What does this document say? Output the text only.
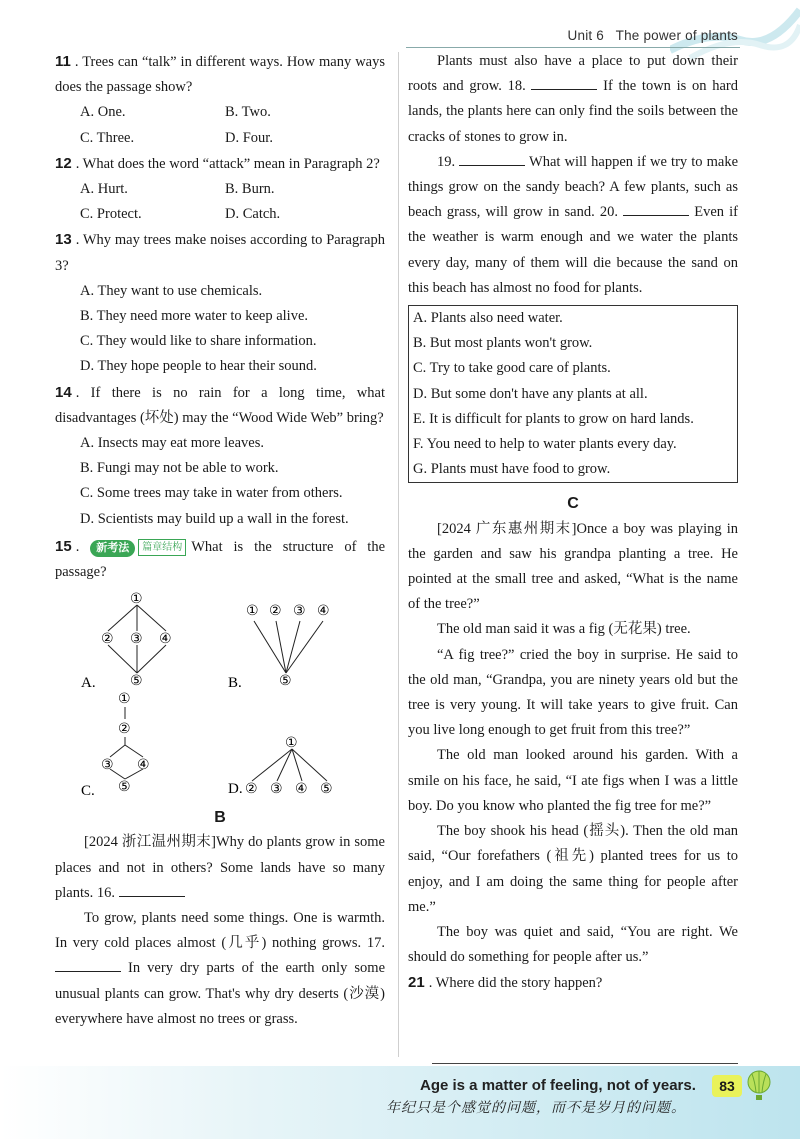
Unit 6 The power of plants

11 . Trees can “talk” in different ways. How many ways does the passage show?

A. One.	B. Two.
C. Three.	D. Four.

12 . What does the word “attack” mean in Paragraph 2?

A. Hurt.	B. Burn.
C. Protect.	D. Catch.

13 . Why may trees make noises according to Paragraph 3?

A. They want to use chemicals.

B. They need more water to keep alive.

C. They would like to share information.

D. They hope people to hear their sound.

14 . If there is no rain for a long time, what disadvantages (坏处) may the “Wood Wide Web” bring?

A. Insects may eat more leaves.

B. Fungi may not be able to work.

C. Some trees may take in water from others.

D. Scientists may build up a wall in the forest.

15 . 新考法 篇章结构 What is the structure of the passage?

①
② ③ ④
⑤
A.
① ② ③ ④
⑤
B.
①
②
③ ④
⑤
C.
①
② ③ ④ ⑤
D.

B

[2024 浙江温州期末]Why do plants grow in some places and not in others? Some lands have so many plants. 16.

To grow, plants need some things. One is warmth. In very cold places almost (几乎) nothing grows. 17.  In very dry parts of the earth only some unusual plants can grow. That's why dry deserts (沙漠) everywhere have almost no trees or grass.

Plants must also have a place to put down their roots and grow. 18.	If the town is on hard lands, the plants here can only find the soils between the cracks of stones to grow in.

19.	What will happen if we try to make things grow on the sandy beach? A few plants, such as beach grass, will grow in sand. 20.	Even if the weather is warm enough and we water the plants every day, many of them will die because the sand on this beach has almost no food for plants.

A. Plants also need water.

B. But most plants won't grow.

C. Try to take good care of plants.

D. But some don't have any plants at all.

E. It is difficult for plants to grow on hard lands.

F. You need to help to water plants every day.

G. Plants must have food to grow.

C

[2024 广东惠州期末]Once a boy was playing in the garden and saw his grandpa planting a tree. He pointed at the small tree and asked, “What is the name of the tree?”

The old man said it was a fig (无花果) tree.

“A fig tree?” cried the boy in surprise. He said to the old man, “Grandpa, you are ninety years old but the tree is very young. It will take years to give fruit. Can you live long enough to get fruit from this tree?”

The old man looked around his garden. With a smile on his face, he said, “I ate figs when I was a little boy. Do you know who planted the fig tree for me?”

The boy shook his head (摇头). Then the old man said, “Our forefathers (祖先) planted trees for us to enjoy, and I am doing the same thing for people after me.”

The boy was quiet and said, “You are right. We should do something for people after us.”

21 . Where did the story happen?

Age is a matter of feeling, not of years.
年纪只是个感觉的问题，而不是岁月的问题。
83
